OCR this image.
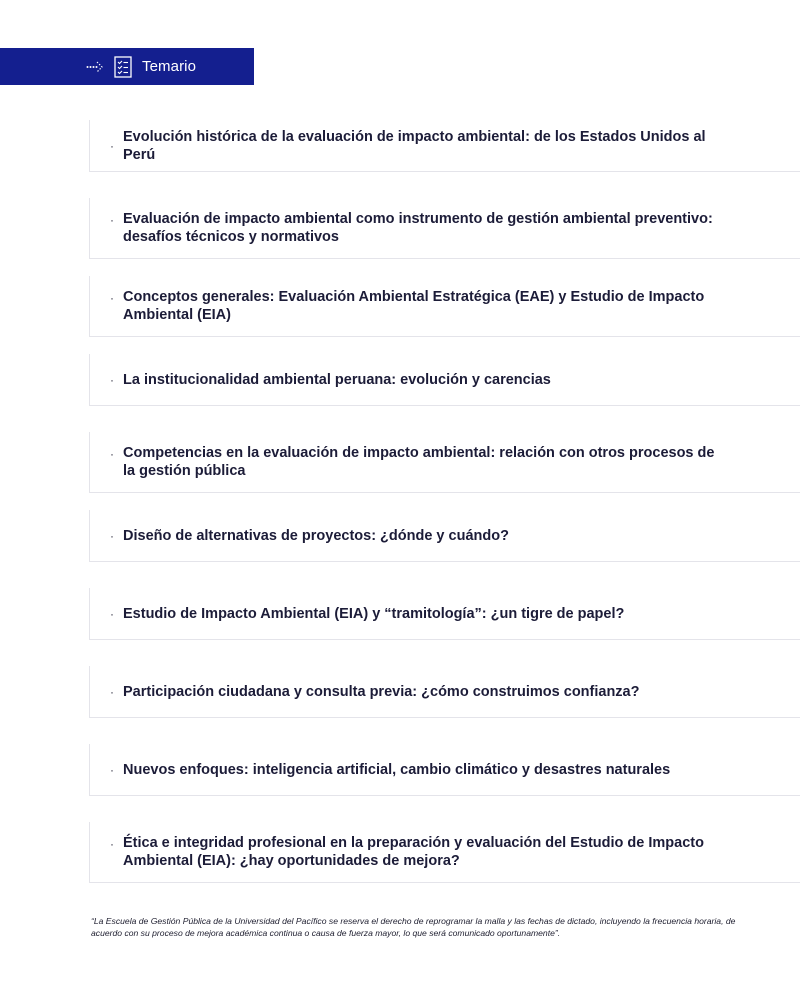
Temario
·
Evolución histórica de la evaluación de impacto ambiental: de los Estados Unidos al Perú
· Evaluación de impacto ambiental como instrumento de gestión ambiental preventivo: desafíos técnicos y normativos
· Conceptos generales: Evaluación Ambiental Estratégica (EAE) y Estudio de Impacto Ambiental (EIA)
· La institucionalidad ambiental peruana: evolución y carencias
· Competencias en la evaluación de impacto ambiental: relación con otros procesos de la gestión pública
· Diseño de alternativas de proyectos: ¿dónde y cuándo?
· Estudio de Impacto Ambiental (EIA) y “tramitología”: ¿un tigre de papel?
· Participación ciudadana y consulta previa: ¿cómo construimos confianza?
· Nuevos enfoques: inteligencia artificial, cambio climático y desastres naturales
· Ética e integridad profesional en la preparación y evaluación del Estudio de Impacto Ambiental (EIA): ¿hay oportunidades de mejora?

“La Escuela de Gestión Pública de la Universidad del Pacífico se reserva el derecho de reprogramar la malla y las fechas de dictado, incluyendo la frecuencia horaria, de acuerdo con su proceso de mejora académica continua o causa de fuerza mayor, lo que será comunicado oportunamente”.
